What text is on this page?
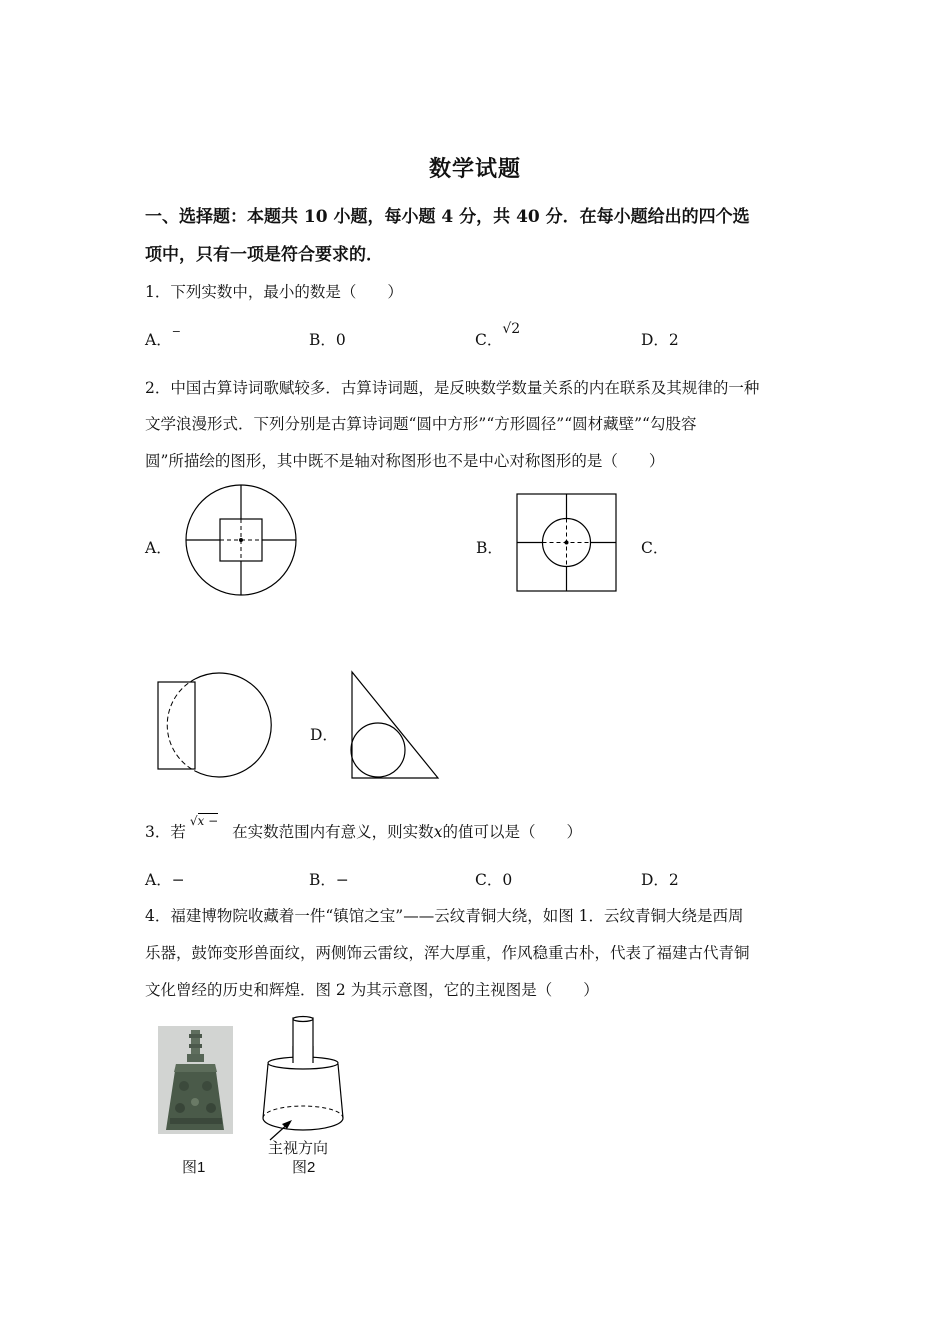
数学试题
一、选择题：本题共 10 小题，每小题 4 分，共 40 分．在每小题给出的四个选
项中，只有一项是符合要求的．
1．下列实数中，最小的数是（　　）
A．−	B．0	C．√2
D．2
2．中国古算诗词歌赋较多．古算诗词题，是反映数学数量关系的内在联系及其规律的一种
文学浪漫形式．下列分别是古算诗词题“圆中方形”“方形圆径”“圆材藏壁”“勾股容
圆”所描绘的图形，其中既不是轴对称图形也不是中心对称图形的是（　　）
A．	B．	C．
D．
3．若$^{√x -}$在实数范围内有意义，则实数x的值可以是（　　）
A．−	B．−	C．0	D．2
4．福建博物院收藏着一件“镇馆之宝”——云纹青铜大绕，如图 1．云纹青铜大绕是西周
乐器，鼓饰变形兽面纹，两侧饰云雷纹，浑大厚重，作风稳重古朴，代表了福建古代青铜
文化曾经的历史和辉煌．图 2 为其示意图，它的主视图是（　　）
图1
主视方向
图2
